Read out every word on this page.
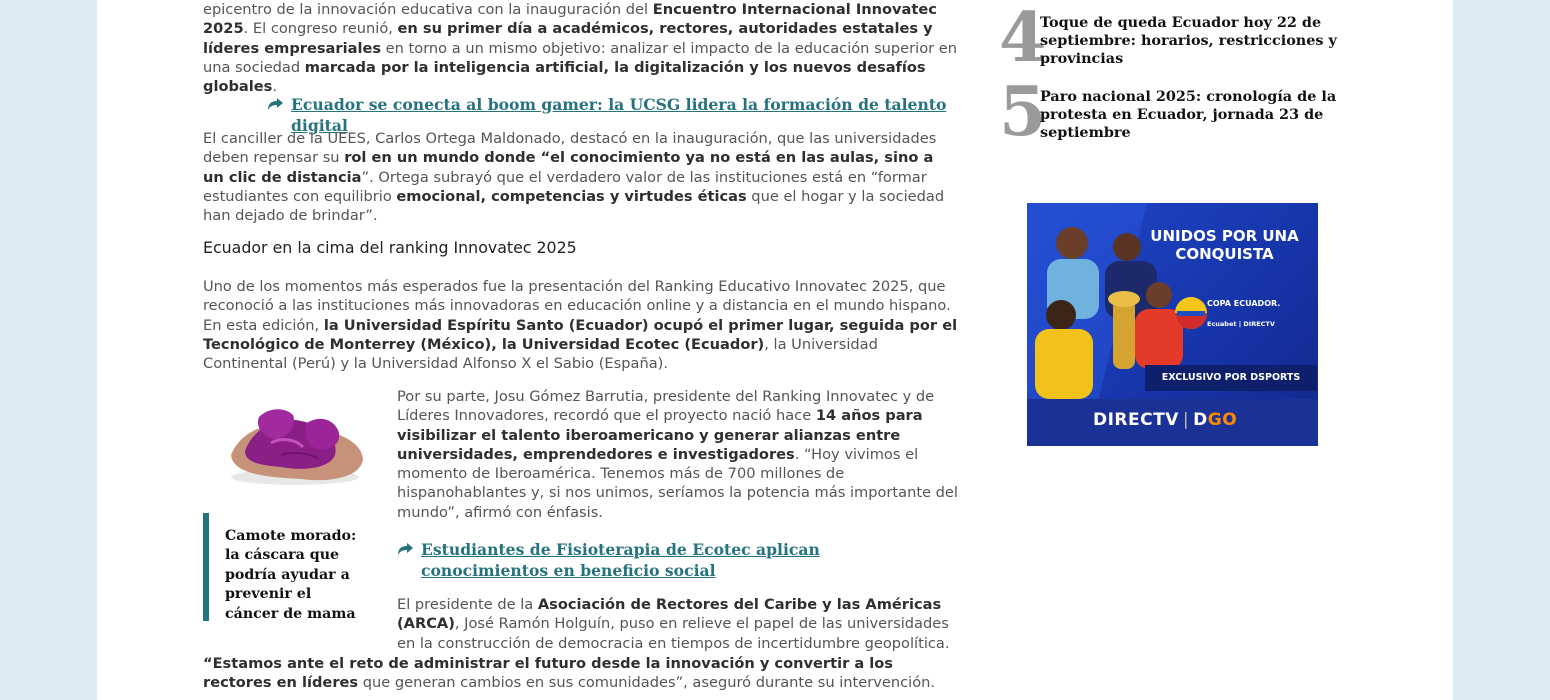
epicentro de la innovación educativa con la inauguración del Encuentro Internacional Innovatec 2025. El congreso reunió, en su primer día a académicos, rectores, autoridades estatales y líderes empresariales en torno a un mismo objetivo: analizar el impacto de la educación superior en una sociedad marcada por la inteligencia artificial, la digitalización y los nuevos desafíos globales.

Ecuador se conecta al boom gamer: la UCSG lidera la formación de talento digital

El canciller de la UEES, Carlos Ortega Maldonado, destacó en la inauguración, que las universidades deben repensar su rol en un mundo donde “el conocimiento ya no está en las aulas, sino a un clic de distancia”. Ortega subrayó que el verdadero valor de las instituciones está en “formar estudiantes con equilibrio emocional, competencias y virtudes éticas que el hogar y la sociedad han dejado de brindar”.

Ecuador en la cima del ranking Innovatec 2025

Uno de los momentos más esperados fue la presentación del Ranking Educativo Innovatec 2025, que reconoció a las instituciones más innovadoras en educación online y a distancia en el mundo hispano. En esta edición, la Universidad Espíritu Santo (Ecuador) ocupó el primer lugar, seguida por el Tecnológico de Monterrey (México), la Universidad Ecotec (Ecuador), la Universidad Continental (Perú) y la Universidad Alfonso X el Sabio (España).

Camote morado: la cáscara que podría ayudar a prevenir el cáncer de mama

Por su parte, Josu Gómez Barrutia, presidente del Ranking Innovatec y de Líderes Innovadores, recordó que el proyecto nació hace 14 años para visibilizar el talento iberoamericano y generar alianzas entre universidades, emprendedores e investigadores. “Hoy vivimos el momento de Iberoamérica. Tenemos más de 700 millones de hispanohablantes y, si nos unimos, seríamos la potencia más importante del mundo”, afirmó con énfasis.

Estudiantes de Fisioterapia de Ecotec aplican conocimientos en beneficio social

El presidente de la Asociación de Rectores del Caribe y las Américas (ARCA), José Ramón Holguín, puso en relieve el papel de las universidades en la construcción de democracia en tiempos de incertidumbre geopolítica.

“Estamos ante el reto de administrar el futuro desde la innovación y convertir a los rectores en líderes que generan cambios en sus comunidades”, aseguró durante su intervención.

4
Toque de queda Ecuador hoy 22 de septiembre: horarios, restricciones y provincias
5
Paro nacional 2025: cronología de la protesta en Ecuador, jornada 23 de septiembre
UNIDOS POR UNA CONQUISTA
COPA ECUADOR.
Ecuabet | DIRECTV
EXCLUSIVO POR DSPORTS
DIRECTV | DGO
